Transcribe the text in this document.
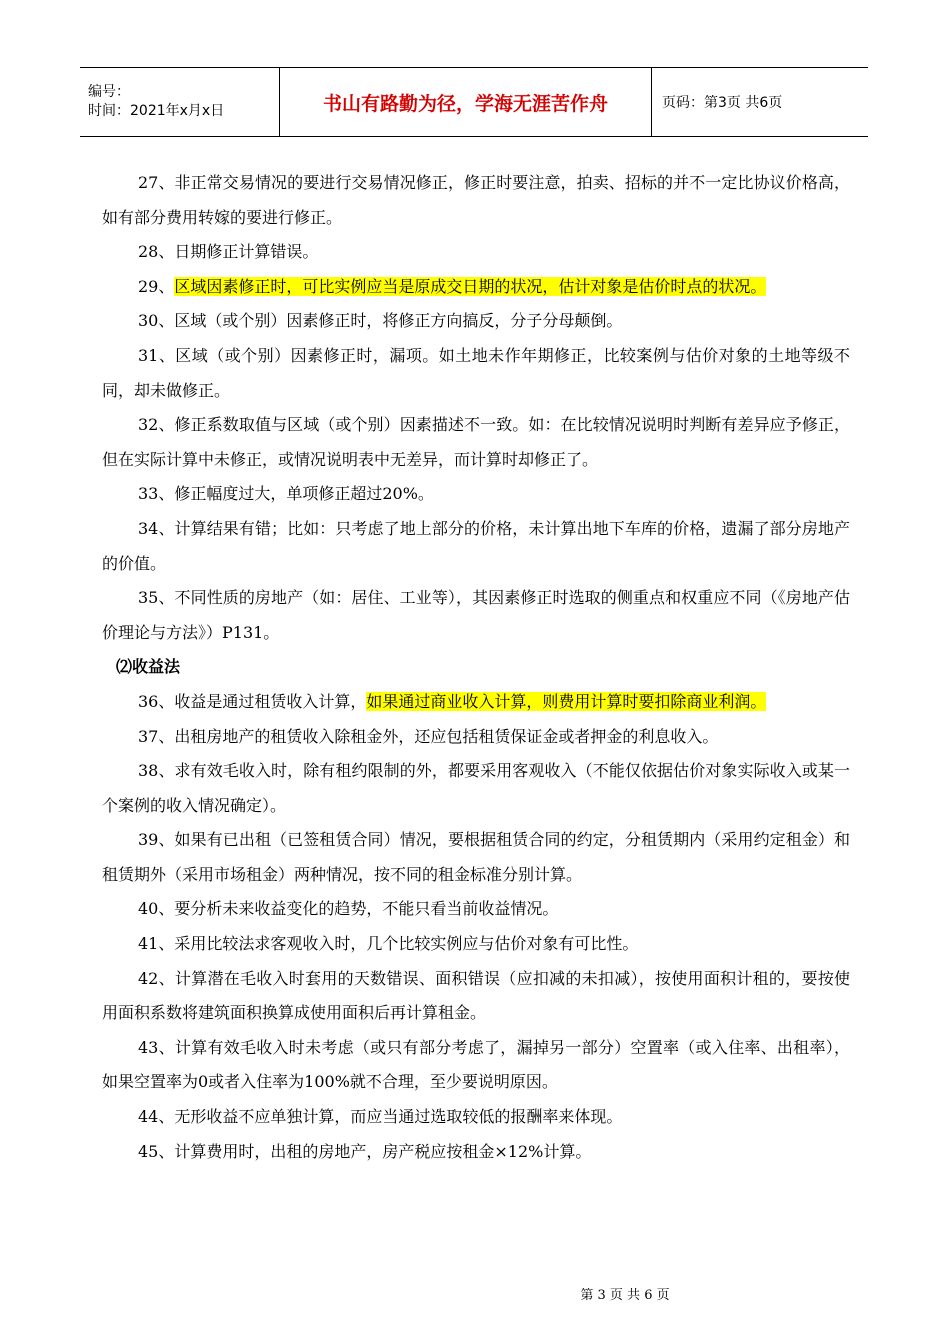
编号：
时间：2021年x月x日	书山有路勤为径，学海无涯苦作舟	页码：第3页 共6页

27、非正常交易情况的要进行交易情况修正，修正时要注意，拍卖、招标的并不一定比协议价格高，如有部分费用转嫁的要进行修正。

28、日期修正计算错误。

29、区域因素修正时，可比实例应当是原成交日期的状况，估计对象是估价时点的状况。

30、区域（或个别）因素修正时，将修正方向搞反，分子分母颠倒。

31、区域（或个别）因素修正时，漏项。如土地未作年期修正，比较案例与估价对象的土地等级不同，却未做修正。

32、修正系数取值与区域（或个别）因素描述不一致。如：在比较情况说明时判断有差异应予修正，但在实际计算中未修正，或情况说明表中无差异，而计算时却修正了。

33、修正幅度过大，单项修正超过20%。

34、计算结果有错；比如：只考虑了地上部分的价格，未计算出地下车库的价格，遗漏了部分房地产的价值。

35、不同性质的房地产（如：居住、工业等），其因素修正时选取的侧重点和权重应不同（《房地产估价理论与方法》）P131。

⑵收益法

36、收益是通过租赁收入计算，如果通过商业收入计算，则费用计算时要扣除商业利润。

37、出租房地产的租赁收入除租金外，还应包括租赁保证金或者押金的利息收入。

38、求有效毛收入时，除有租约限制的外，都要采用客观收入（不能仅依据估价对象实际收入或某一个案例的收入情况确定）。

39、如果有已出租（已签租赁合同）情况，要根据租赁合同的约定，分租赁期内（采用约定租金）和租赁期外（采用市场租金）两种情况，按不同的租金标准分别计算。

40、要分析未来收益变化的趋势，不能只看当前收益情况。

41、采用比较法求客观收入时，几个比较实例应与估价对象有可比性。

42、计算潜在毛收入时套用的天数错误、面积错误（应扣减的未扣减），按使用面积计租的，要按使用面积系数将建筑面积换算成使用面积后再计算租金。

43、计算有效毛收入时未考虑（或只有部分考虑了，漏掉另一部分）空置率（或入住率、出租率），如果空置率为0或者入住率为100%就不合理，至少要说明原因。

44、无形收益不应单独计算，而应当通过选取较低的报酬率来体现。

45、计算费用时，出租的房地产，房产税应按租金×12%计算。

第 3 页 共 6 页
